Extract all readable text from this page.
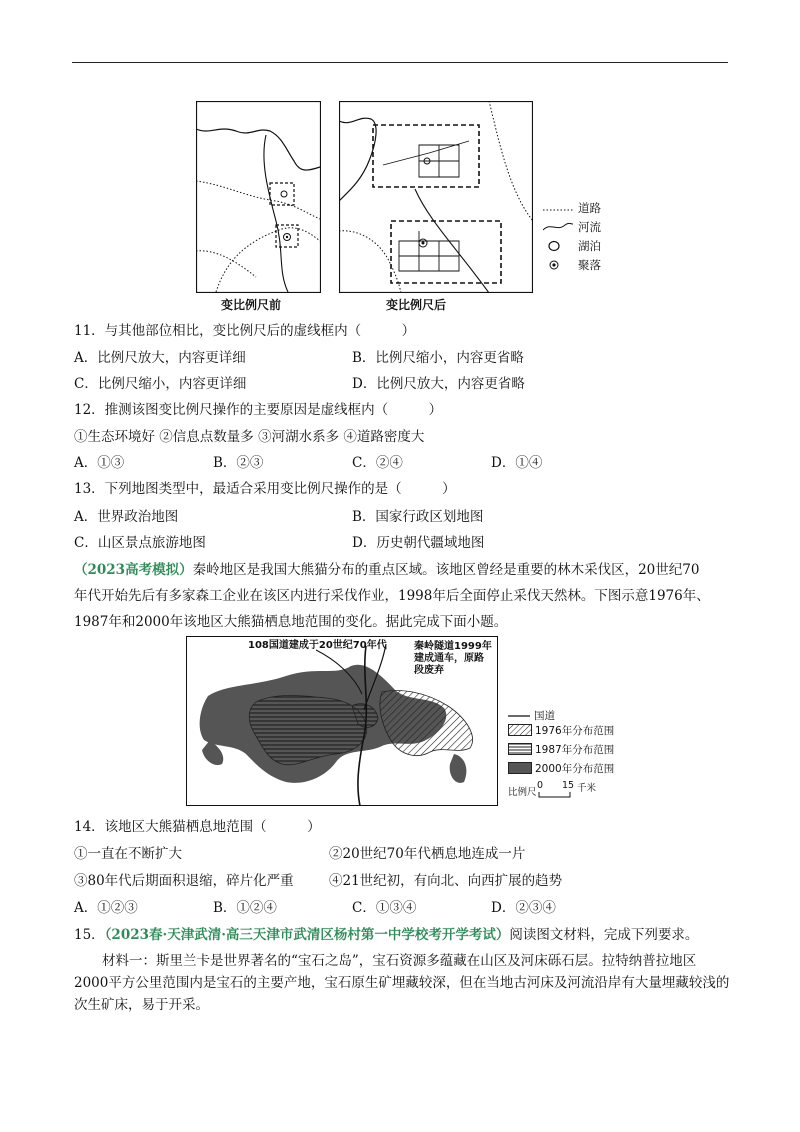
变比例尺前	变比例尺后
道路
河流
湖泊
聚落
11．与其他部位相比，变比例尺后的虚线框内（　　　）
A．比例尺放大，内容更详细	B．比例尺缩小，内容更省略
C．比例尺缩小，内容更详细	D．比例尺放大，内容更省略
12．推测该图变比例尺操作的主要原因是虚线框内（　　　）
①生态环境好 ②信息点数量多 ③河湖水系多 ④道路密度大
A．①③	B．②③	C．②④	D．①④
13．下列地图类型中，最适合采用变比例尺操作的是（　　　）
A．世界政治地图	B．国家行政区划地图
C．山区景点旅游地图	D．历史朝代疆域地图
（2023高考模拟）秦岭地区是我国大熊猫分布的重点区域。该地区曾经是重要的林木采伐区，20世纪70
年代开始先后有多家森工企业在该区内进行采伐作业，1998年后全面停止采伐天然林。下图示意1976年、
1987年和2000年该地区大熊猫栖息地范围的变化。据此完成下面小题。
108国道建成于20世纪70年代	秦岭隧道1999年
建成通车，原路
段废弃
国道
1976年分布范围
1987年分布范围
2000年分布范围
比例尺
0 15 千米
14．该地区大熊猫栖息地范围（　　　）
①一直在不断扩大	②20世纪70年代栖息地连成一片
③80年代后期面积退缩，碎片化严重	④21世纪初，有向北、向西扩展的趋势
A．①②③	B．①②④	C．①③④	D．②③④
15．（2023春·天津武清·高三天津市武清区杨村第一中学校考开学考试）阅读图文材料，完成下列要求。
材料一：斯里兰卡是世界著名的“宝石之岛”，宝石资源多蕴藏在山区及河床砾石层。拉特纳普拉地区2000平方公里范围内是宝石的主要产地，宝石原生矿埋藏较深，但在当地古河床及河流沿岸有大量埋藏较浅的次生矿床，易于开采。
